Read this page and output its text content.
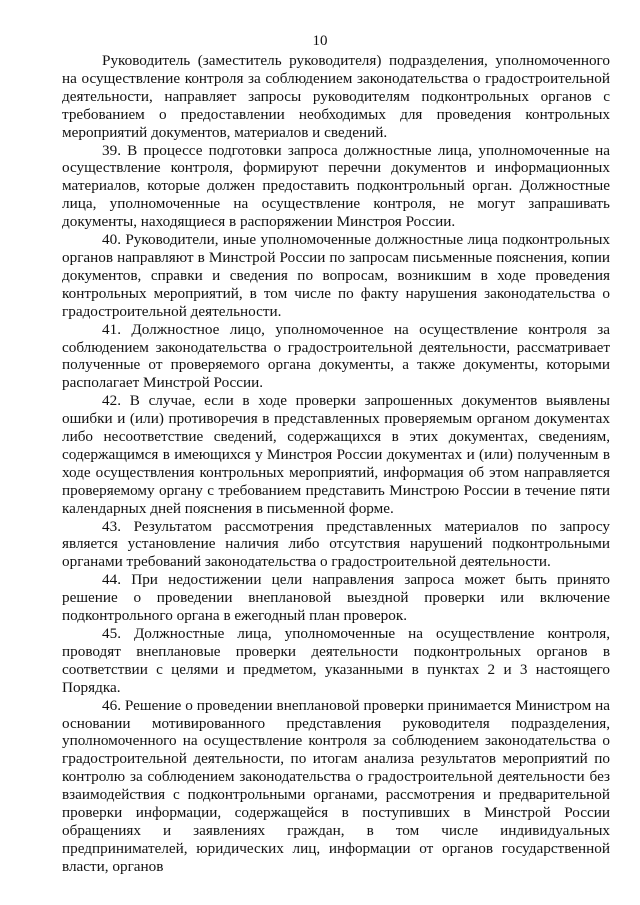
10

Руководитель (заместитель руководителя) подразделения, уполномоченного на осуществление контроля за соблюдением законодательства о градостроительной деятельности, направляет запросы руководителям подконтрольных органов с требованием о предоставлении необходимых для проведения контрольных мероприятий документов, материалов и сведений.

39. В процессе подготовки запроса должностные лица, уполномоченные на осуществление контроля, формируют перечни документов и информационных материалов, которые должен предоставить подконтрольный орган. Должностные лица, уполномоченные на осуществление контроля, не могут запрашивать документы, находящиеся в распоряжении Минстроя России.

40. Руководители, иные уполномоченные должностные лица подконтрольных органов направляют в Минстрой России по запросам письменные пояснения, копии документов, справки и сведения по вопросам, возникшим в ходе проведения контрольных мероприятий, в том числе по факту нарушения законодательства о градостроительной деятельности.

41. Должностное лицо, уполномоченное на осуществление контроля за соблюдением законодательства о градостроительной деятельности, рассматривает полученные от проверяемого органа документы, а также документы, которыми располагает Минстрой России.

42. В случае, если в ходе проверки запрошенных документов выявлены ошибки и (или) противоречия в представленных проверяемым органом документах либо несоответствие сведений, содержащихся в этих документах, сведениям, содержащимся в имеющихся у Минстроя России документах и (или) полученным в ходе осуществления контрольных мероприятий, информация об этом направляется проверяемому органу с требованием представить Минстрою России в течение пяти календарных дней пояснения в письменной форме.

43. Результатом рассмотрения представленных материалов по запросу является установление наличия либо отсутствия нарушений подконтрольными органами требований законодательства о градостроительной деятельности.

44. При недостижении цели направления запроса может быть принято решение о проведении внеплановой выездной проверки или включение подконтрольного органа в ежегодный план проверок.

45. Должностные лица, уполномоченные на осуществление контроля, проводят внеплановые проверки деятельности подконтрольных органов в соответствии с целями и предметом, указанными в пунктах 2 и 3 настоящего Порядка.

46. Решение о проведении внеплановой проверки принимается Министром на основании мотивированного представления руководителя подразделения, уполномоченного на осуществление контроля за соблюдением законодательства о градостроительной деятельности, по итогам анализа результатов мероприятий по контролю за соблюдением законодательства о градостроительной деятельности без взаимодействия с подконтрольными органами, рассмотрения и предварительной проверки информации, содержащейся в поступивших в Минстрой России обращениях и заявлениях граждан, в том числе индивидуальных предпринимателей, юридических лиц, информации от органов государственной власти, органов
